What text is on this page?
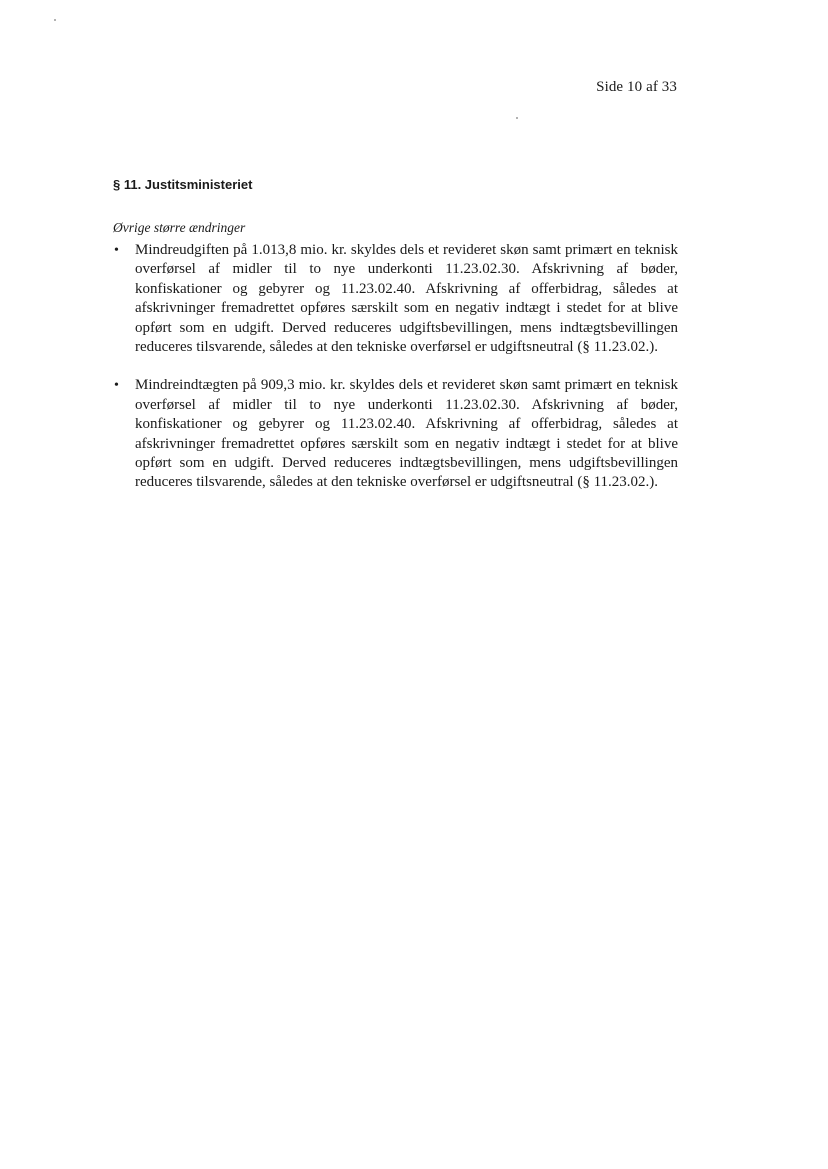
Side 10 af 33
§ 11. Justitsministeriet
Øvrige større ændringer
• Mindreudgiften på 1.013,8 mio. kr. skyldes dels et revideret skøn samt primært en teknisk overførsel af midler til to nye underkonti 11.23.02.30. Afskrivning af bøder, konfiskationer og gebyrer og 11.23.02.40. Afskrivning af offerbidrag, således at afskrivninger fremadrettet opføres særskilt som en negativ indtægt i stedet for at blive opført som en udgift. Derved reduceres udgiftsbevillingen, mens indtægtsbevillingen reduceres tilsvarende, således at den tekniske overførsel er udgiftsneutral (§ 11.23.02.).
• Mindreindtægten på 909,3 mio. kr. skyldes dels et revideret skøn samt primært en teknisk overførsel af midler til to nye underkonti 11.23.02.30. Afskrivning af bøder, konfiskationer og gebyrer og 11.23.02.40. Afskrivning af offerbidrag, således at afskrivninger fremadrettet opføres særskilt som en negativ indtægt i stedet for at blive opført som en udgift. Derved reduceres indtægtsbevillingen, mens udgiftsbevillingen reduceres tilsvarende, således at den tekniske overførsel er udgiftsneutral (§ 11.23.02.).
